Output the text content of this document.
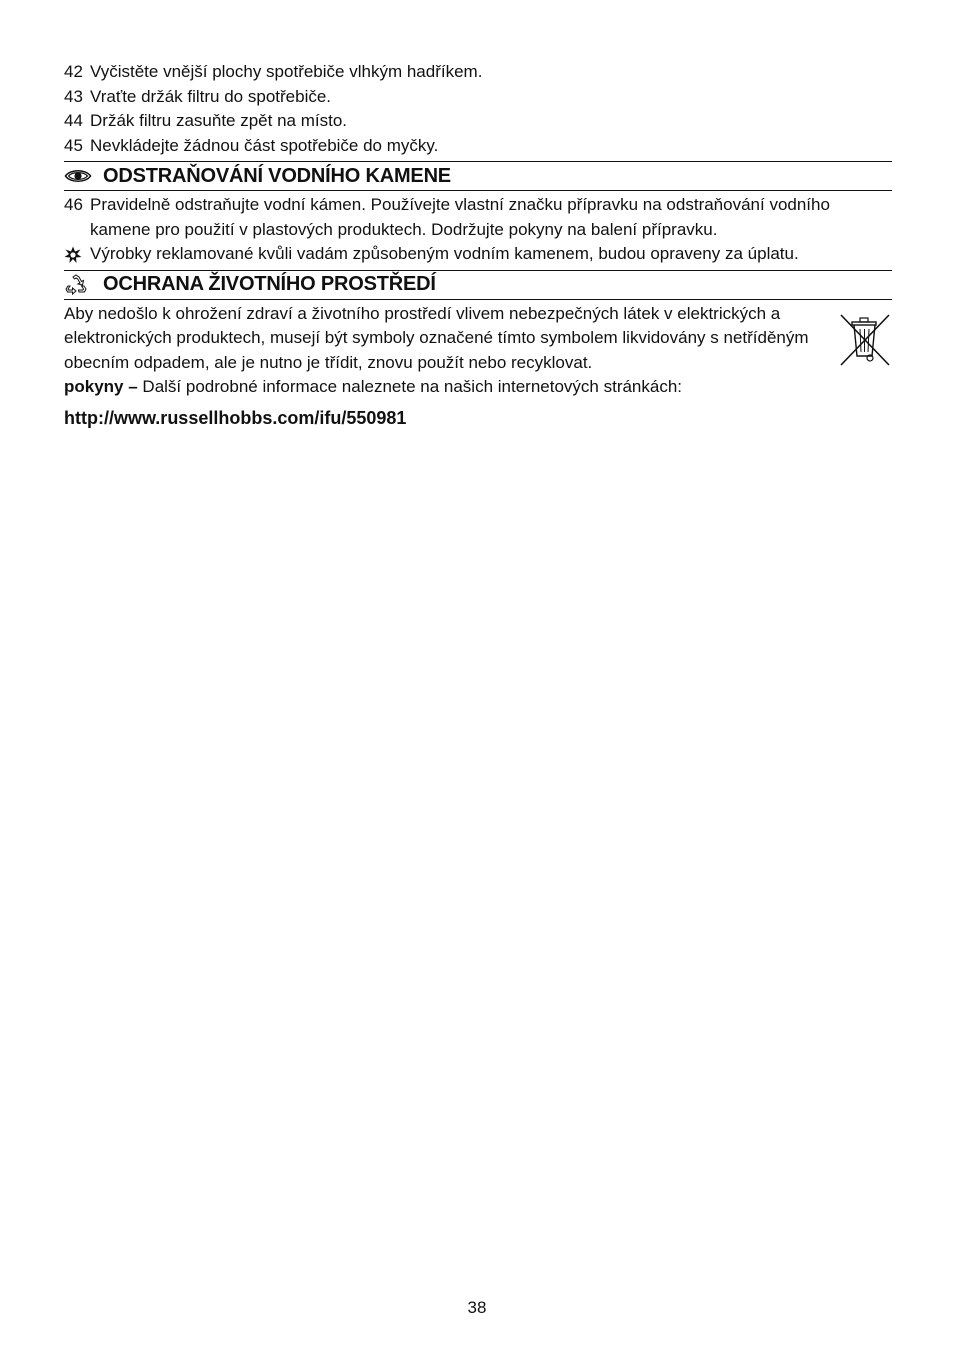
42 Vyčistěte vnější plochy spotřebiče vlhkým hadříkem.
43 Vraťte držák filtru do spotřebiče.
44 Držák filtru zasuňte zpět na místo.
45 Nevkládejte žádnou část spotřebiče do myčky.
ODSTRAŇOVÁNÍ VODNÍHO KAMENE
46 Pravidelně odstraňujte vodní kámen. Používejte vlastní značku přípravku na odstraňování vodního kamene pro použití v plastových produktech. Dodržujte pokyny na balení přípravku.
Výrobky reklamované kvůli vadám způsobeným vodním kamenem, budou opraveny za úplatu.
OCHRANA ŽIVOTNÍHO PROSTŘEDÍ
Aby nedošlo k ohrožení zdraví a životního prostředí vlivem nebezpečných látek v elektrických a elektronických produktech, musejí být symboly označené tímto symbolem likvidovány s netříděným obecním odpadem, ale je nutno je třídit, znovu použít nebo recyklovat.
pokyny – Další podrobné informace naleznete na našich internetových stránkách:
http://www.russellhobbs.com/ifu/550981
38
